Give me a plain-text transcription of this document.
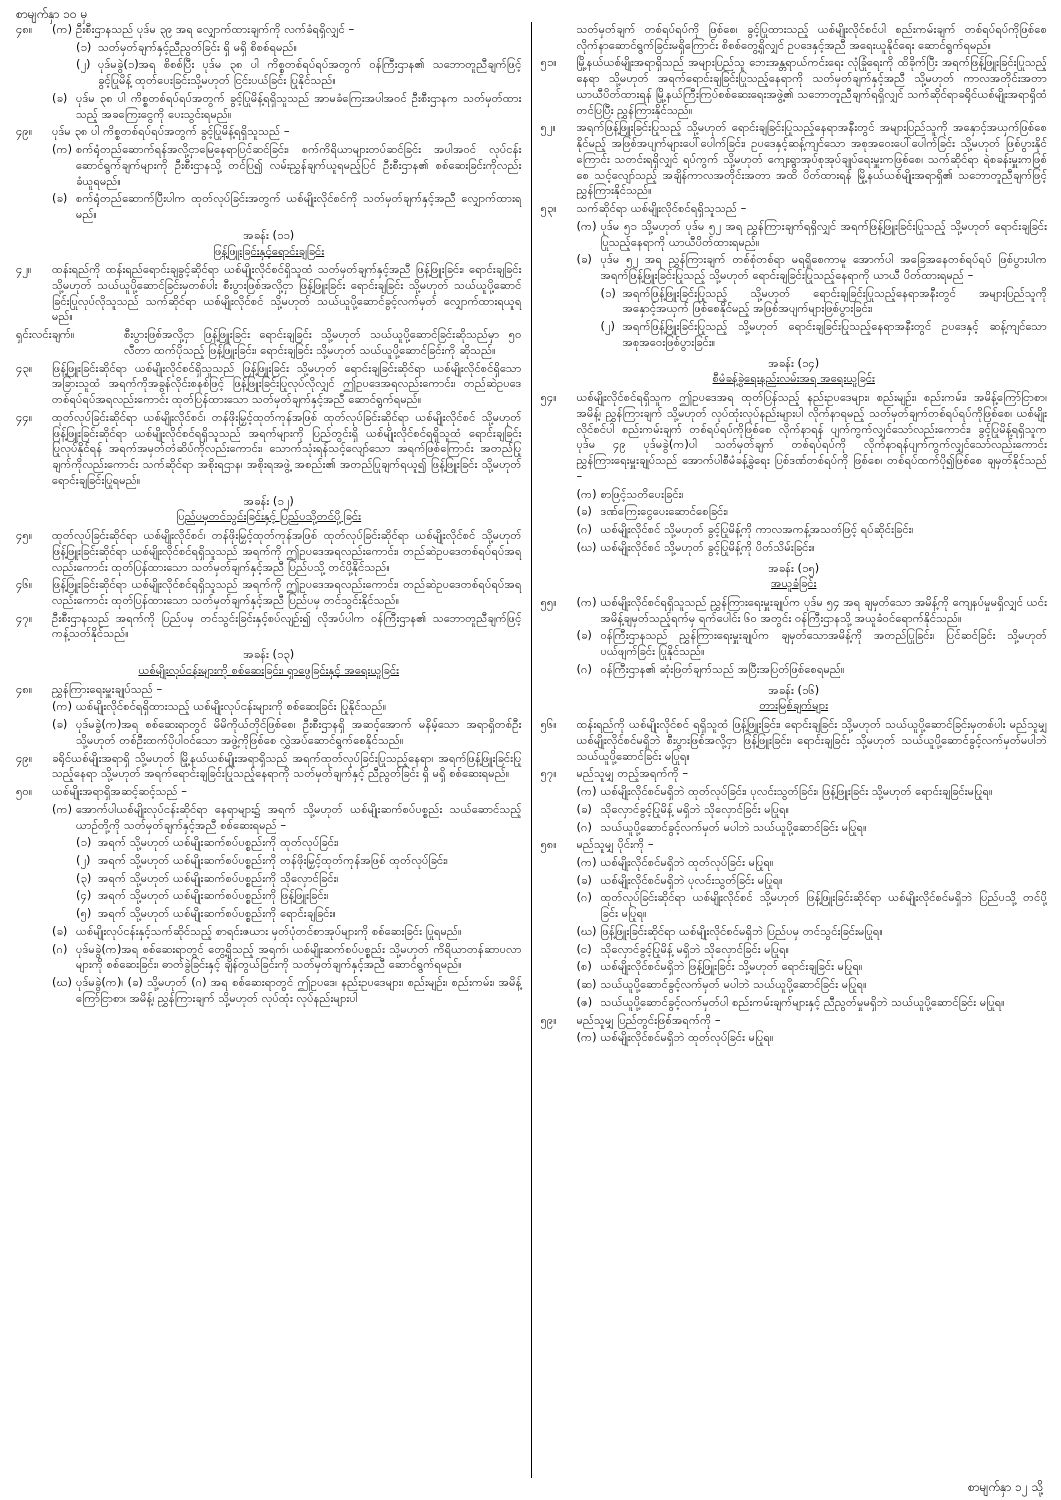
စာမျက်နှာ ၁၀ မှ
၄၈။	(က) ဦးစီးဌာနသည် ပုဒ်မ ၃၉ အရ လျှောက်ထားချက်ကို လက်ခံရရှိလျှင် –
(၁) သတ်မှတ်ချက်နှင့်ညီညွတ်ခြင်း ရှိ မရှိ စိစစ်ရမည်။
(၂) ပုဒ်မခွဲ(၁)အရ စိစစ်ပြီး ပုဒ်မ ၃၈ ပါ ကိစ္စတစ်ရပ်ရပ်အတွက် ဝန်ကြီးဌာန၏ သဘောတူညီချက်ဖြင့် ခွင့်ပြုမိန့် ထုတ်ပေးခြင်းသို့မဟုတ် ငြင်းပယ်ခြင်း ပြုနိုင်သည်။
(ခ) ပုဒ်မ ၃၈ ပါ ကိစ္စတစ်ရပ်ရပ်အတွက် ခွင့်ပြုမိန့်ရရှိသူသည် အာမခံကြေးအပါအဝင် ဦးစီးဌာနက သတ်မှတ်ထားသည့် အခကြေးငွေကို ပေးသွင်းရမည်။
၄၉။	ပုဒ်မ ၃၈ ပါ ကိစ္စတစ်ရပ်ရပ်အတွက် ခွင့်ပြုမိန့်ရရှိသူသည် –
(က) စက်ရုံတည်ဆောက်ရန်အလို့ငှာမြေနေရာပြင်ဆင်ခြင်း၊ စက်ကိရိယာများတပ်ဆင်ခြင်း အပါအဝင် လုပ်ငန်းဆောင်ရွက်ချက်များကို ဦးစီးဌာနသို့ တင်ပြ၍ လမ်းညွှန်ချက်ယူရမည့်ပြင် ဦးစီးဌာန၏ စစ်ဆေးခြင်းကိုလည်း ခံယူရမည်။
(ခ) စက်ရုံတည်ဆောက်ပြီးပါက ထုတ်လုပ်ခြင်းအတွက် ယစ်မျိုးလိုင်စင်ကို သတ်မှတ်ချက်နှင့်အညီ လျှောက်ထားရမည်။
အခန်း (၁၁)
ဖြန့်ဖြူးခြင်းနှင့်ရောင်းချခြင်း
၄၂။	ထန်းရည်ကို ထန်းရည်ရောင်းချခွင့်ဆိုင်ရာ ယစ်မျိုးလိုင်စင်ရှိသူထံ သတ်မှတ်ချက်နှင့်အညီ ဖြန့်ဖြူးခြင်း၊ ရောင်းချခြင်း သို့မဟုတ် သယ်ယူပို့ဆောင်ခြင်းမှတစ်ပါး စီးပွားဖြစ်အလို့ငှာ ဖြန့်ဖြူးခြင်း ရောင်းချခြင်း သို့မဟုတ် သယ်ယူပို့ဆောင်ခြင်းပြုလုပ်လိုသူသည် သက်ဆိုင်ရာ ယစ်မျိုးလိုင်စင် သို့မဟုတ် သယ်ယူပို့ဆောင်ခွင့်လက်မှတ် လျှောက်ထားရယူရမည်။
ရှင်းလင်းချက်။	စီးပွားဖြစ်အလို့ငှာ ဖြန့်ဖြူးခြင်း ရောင်းချခြင်း သို့မဟုတ် သယ်ယူပို့ဆောင်ခြင်းဆိုသည်မှာ ၅၀ လီတာ ထက်ပိုသည့် ဖြန့်ဖြူးခြင်း၊ ရောင်းချခြင်း သို့မဟုတ် သယ်ယူပို့ဆောင်ခြင်းကို ဆိုသည်။
၄၃။	ဖြန့်ဖြူးခြင်းဆိုင်ရာ ယစ်မျိုးလိုင်စင်ရှိသူသည် ဖြန့်ဖြူးခြင်း သို့မဟုတ် ရောင်းချခြင်းဆိုင်ရာ ယစ်မျိုးလိုင်စင်ရှိသော အခြားသူထံ အရက်ကိုအခွန်လိုင်းစနစ်ဖြင့် ဖြန့်ဖြူးခြင်းပြုလုပ်လိုလျှင် ဤဥပဒေအရလည်းကောင်း၊ တည်ဆဲဥပဒေတစ်ရပ်ရပ်အရလည်းကောင်း ထုတ်ပြန်ထားသော သတ်မှတ်ချက်နှင့်အညီ ဆောင်ရွက်ရမည်။
၄၄။	ထုတ်လုပ်ခြင်းဆိုင်ရာ ယစ်မျိုးလိုင်စင်၊ တန်ဖိုးမြှင့်ထုတ်ကုန်အဖြစ် ထုတ်လုပ်ခြင်းဆိုင်ရာ ယစ်မျိုးလိုင်စင် သို့မဟုတ် ဖြန့်ဖြူးခြင်းဆိုင်ရာ ယစ်မျိုးလိုင်စင်ရရှိသူသည် အရက်များကို ပြည်တွင်းရှိ ယစ်မျိုးလိုင်စင်ရရှိသူထံ ရောင်းချခြင်းပြုလုပ်နိုင်ရန် အရက်အမှတ်တံဆိပ်ကိုလည်းကောင်း၊ သောက်သုံးရန်သင့်လျော်သော အရက်ဖြစ်ကြောင်း အတည်ပြုချက်ကိုလည်းကောင်း သက်ဆိုင်ရာ အစိုးရဌာန၊ အစိုးရအဖွဲ့ အစည်း၏ အတည်ပြုချက်ရယူ၍ ဖြန့်ဖြူးခြင်း သို့မဟုတ် ရောင်းချခြင်းပြုရမည်။
အခန်း (၁၂)
ပြည်ပမှတင်သွင်းခြင်းနှင့် ပြည်ပသို့တင်ပို့ခြင်း
၄၅။	ထုတ်လုပ်ခြင်းဆိုင်ရာ ယစ်မျိုးလိုင်စင်၊ တန်ဖိုးမြှင့်ထုတ်ကုန်အဖြစ် ထုတ်လုပ်ခြင်းဆိုင်ရာ ယစ်မျိုးလိုင်စင် သို့မဟုတ် ဖြန့်ဖြူးခြင်းဆိုင်ရာ ယစ်မျိုးလိုင်စင်ရရှိသူသည် အရက်ကို ဤဥပဒေအရလည်းကောင်း၊ တည်ဆဲဥပဒေတစ်ရပ်ရပ်အရလည်းကောင်း ထုတ်ပြန်ထားသော သတ်မှတ်ချက်နှင့်အညီ ပြည်ပသို့ တင်ပို့နိုင်သည်။
၄၆။	ဖြန့်ဖြူးခြင်းဆိုင်ရာ ယစ်မျိုးလိုင်စင်ရရှိသူသည် အရက်ကို ဤဥပဒေအရလည်းကောင်း၊ တည်ဆဲဥပဒေတစ်ရပ်ရပ်အရလည်းကောင်း ထုတ်ပြန်ထားသော သတ်မှတ်ချက်နှင့်အညီ ပြည်ပမှ တင်သွင်းနိုင်သည်။
၄၇။	ဦးစီးဌာနသည် အရက်ကို ပြည်ပမှ တင်သွင်းခြင်းနှင့်စပ်လျဉ်း၍ လိုအပ်ပါက ဝန်ကြီးဌာန၏ သဘောတူညီချက်ဖြင့် ကန့်သတ်နိုင်သည်။
အခန်း (၁၃)
ယစ်မျိုးလုပ်ငန်းများကို စစ်ဆေးခြင်း၊ ရှာဖွေခြင်းနှင့် အရေးယူခြင်း
၄၈။	ညွှန်ကြားရေးမှူးချုပ်သည် –
(က) ယစ်မျိုးလိုင်စင်ရရှိထားသည့် ယစ်မျိုးလုပ်ငန်းများကို စစ်ဆေးခြင်း ပြုနိုင်သည်။
(ခ) ပုဒ်မခွဲ(က)အရ စစ်ဆေးရာတွင် မိမိကိုယ်တိုင်ဖြစ်စေ၊ ဦးစီးဌာနရှိ အဆင့်အောက် မနိမ့်သော အရာရှိတစ်ဦး သို့မဟုတ် တစ်ဦးထက်ပိုပါဝင်သော အဖွဲ့ကိုဖြစ်စေ လွှဲအပ်ဆောင်ရွက်စေနိုင်သည်။
၄၉။	ခရိုင်ယစ်မျိုးအရာရှိ သို့မဟုတ် မြို့နယ်ယစ်မျိုးအရာရှိသည် အရက်ထုတ်လုပ်ခြင်းပြုသည့်နေရာ၊ အရက်ဖြန့်ဖြူးခြင်းပြုသည့်နေရာ သို့မဟုတ် အရက်ရောင်းချခြင်းပြုသည့်နေရာကို သတ်မှတ်ချက်နှင့် ညီညွတ်ခြင်း ရှိ မရှိ စစ်ဆေးရမည်။
၅၀။	ယစ်မျိုးအရာရှိအဆင့်ဆင့်သည် –
(က) အောက်ပါယစ်မျိုးလုပ်ငန်းဆိုင်ရာ နေရာများ၌ အရက် သို့မဟုတ် ယစ်မျိုးဆက်စပ်ပစ္စည်း သယ်ဆောင်သည့် ယာဉ်တို့ကို သတ်မှတ်ချက်နှင့်အညီ စစ်ဆေးရမည် –
(၁) အရက် သို့မဟုတ် ယစ်မျိုးဆက်စပ်ပစ္စည်းကို ထုတ်လုပ်ခြင်း၊
(၂) အရက် သို့မဟုတ် ယစ်မျိုးဆက်စပ်ပစ္စည်းကို တန်ဖိုးမြှင့်ထုတ်ကုန်အဖြစ် ထုတ်လုပ်ခြင်း၊
(၃) အရက် သို့မဟုတ် ယစ်မျိုးဆက်စပ်ပစ္စည်းကို သိုလှောင်ခြင်း၊
(၄) အရက် သို့မဟုတ် ယစ်မျိုးဆက်စပ်ပစ္စည်းကို ဖြန့်ဖြူးခြင်း၊
(၅) အရက် သို့မဟုတ် ယစ်မျိုးဆက်စပ်ပစ္စည်းကို ရောင်းချခြင်း။
(ခ) ယစ်မျိုးလုပ်ငန်းနှင့်သက်ဆိုင်သည့် စာရင်းဇယား မှတ်ပုံတင်စာအုပ်များကို စစ်ဆေးခြင်း ပြုရမည်။
(ဂ) ပုဒ်မခွဲ(က)အရ စစ်ဆေးရာတွင် တွေ့ရှိသည့် အရက်၊ ယစ်မျိုးဆက်စပ်ပစ္စည်း သို့မဟုတ် ကိရိယာတန်ဆာပလာများကို စစ်ဆေးခြင်း၊ ဓာတ်ခွဲခြင်းနှင့် ချိန်တွယ်ခြင်းကို သတ်မှတ်ချက်နှင့်အညီ ဆောင်ရွက်ရမည်။
(ဃ) ပုဒ်မခွဲ(က)၊ (ခ) သို့မဟုတ် (ဂ) အရ စစ်ဆေးရာတွင် ဤဥပဒေ၊ နည်းဥပဒေများ၊ စည်းမျဉ်း၊ စည်းကမ်း၊ အမိန့်ကြော်ငြာစာ၊ အမိန့်၊ ညွှန်ကြားချက် သို့မဟုတ် လုပ်ထုံး လုပ်နည်းများပါ
သတ်မှတ်ချက် တစ်ရပ်ရပ်ကို ဖြစ်စေ၊ ခွင့်ပြုထားသည့် ယစ်မျိုးလိုင်စင်ပါ စည်းကမ်းချက် တစ်ရပ်ရပ်ကိုဖြစ်စေ လိုက်နာဆောင်ရွက်ခြင်းမရှိကြောင်း စိစစ်တွေ့ရှိလျှင် ဥပဒေနှင့်အညီ အရေးယူနိုင်ရေး ဆောင်ရွက်ရမည်။
၅၁။	မြို့နယ်ယစ်မျိုးအရာရှိသည် အများပြည်သူ ဘေးအန္တရာယ်ကင်းရေး လုံခြုံရေးကို ထိခိုက်ပြီး အရက်ဖြန့်ဖြူးခြင်းပြုသည့်နေရာ သို့မဟုတ် အရက်ရောင်းချခြင်းပြုသည့်နေရာကို သတ်မှတ်ချက်နှင့်အညီ သို့မဟုတ် ကာလအတိုင်းအတာ ယာယီပိတ်ထားရန် မြို့နယ်ကြီးကြပ်စစ်ဆေးရေးအဖွဲ့၏ သဘောတူညီချက်ရရှိလျှင် သက်ဆိုင်ရာခရိုင်ယစ်မျိုးအရာရှိထံ တင်ပြပြီး ညွှန်ကြားနိုင်သည်။
၅၂။	အရက်ဖြန့်ဖြူးခြင်းပြုသည့် သို့မဟုတ် ရောင်းချခြင်းပြုသည့်နေရာအနီးတွင် အများပြည်သူကို အနှောင့်အယှက်ဖြစ်စေနိုင်မည့် အဖြစ်အပျက်များပေါ်ပေါက်ခြင်း၊ ဥပဒေနှင့်ဆန့်ကျင်သော အစုအဝေးပေါ်ပေါက်ခြင်း သို့မဟုတ် ဖြစ်ပွားနိုင်ကြောင်း သတင်းရရှိလျှင် ရပ်ကွက် သို့မဟုတ် ကျေးရွာအုပ်စုအုပ်ချုပ်ရေးမှူးကဖြစ်စေ၊ သက်ဆိုင်ရာ ရဲစခန်းမှူးကဖြစ်စေ သင့်လျော်သည့် အချိန်ကာလအတိုင်းအတာ အထိ ပိတ်ထားရန် မြို့နယ်ယစ်မျိုးအရာရှိ၏ သဘောတူညီချက်ဖြင့် ညွှန်ကြားနိုင်သည်။
၅၃။	သက်ဆိုင်ရာ ယစ်မျိုးလိုင်စင်ရရှိသူသည် –
(က) ပုဒ်မ ၅၁ သို့မဟုတ် ပုဒ်မ ၅၂ အရ ညွှန်ကြားချက်ရရှိလျှင် အရက်ဖြန့်ဖြူးခြင်းပြုသည့် သို့မဟုတ် ရောင်းချခြင်းပြုသည့်နေရာကို ယာယီပိတ်ထားရမည်။
(ခ) ပုဒ်မ ၅၂ အရ ညွှန်ကြားချက် တစ်စုံတစ်ရာ မရရှိစေကာမူ အောက်ပါ အခြေအနေတစ်ရပ်ရပ် ဖြစ်ပွားပါက အရက်ဖြန့်ဖြူးခြင်းပြုသည့် သို့မဟုတ် ရောင်းချခြင်းပြုသည့်နေရာကို ယာယီ ပိတ်ထားရမည် –
(၁) အရက်ဖြန့်ဖြူးခြင်းပြုသည့် သို့မဟုတ် ရောင်းချခြင်းပြုသည့်နေရာအနီးတွင် အများပြည်သူကို အနှောင့်အယှက် ဖြစ်စေနိုင်မည့် အဖြစ်အပျက်များဖြစ်ပွားခြင်း၊
(၂) အရက်ဖြန့်ဖြူးခြင်းပြုသည့် သို့မဟုတ် ရောင်းချခြင်းပြုသည့်နေရာအနီးတွင် ဥပဒေနှင့် ဆန့်ကျင်သော အစုအဝေးဖြစ်ပွားခြင်း။
အခန်း (၁၄)
စီမံခန့်ခွဲရေးနည်းလမ်းအရ အရေးယူခြင်း
၅၄။	ယစ်မျိုးလိုင်စင်ရရှိသူက ဤဥပဒေအရ ထုတ်ပြန်သည့် နည်းဥပဒေများ၊ စည်းမျဉ်း၊ စည်းကမ်း၊ အမိန့်ကြော်ငြာစာ၊ အမိန့်၊ ညွှန်ကြားချက် သို့မဟုတ် လုပ်ထုံးလုပ်နည်းများပါ လိုက်နာရမည့် သတ်မှတ်ချက်တစ်ရပ်ရပ်ကိုဖြစ်စေ၊ ယစ်မျိုးလိုင်စင်ပါ စည်းကမ်းချက် တစ်ရပ်ရပ်ကိုဖြစ်စေ လိုက်နာရန် ပျက်ကွက်လျှင်သော်လည်းကောင်း၊ ခွင့်ပြုမိန့်ရရှိသူက ပုဒ်မ ၄၉ ပုဒ်မခွဲ(က)ပါ သတ်မှတ်ချက် တစ်ရပ်ရပ်ကို လိုက်နာရန်ပျက်ကွက်လျှင်သော်လည်းကောင်း ညွှန်ကြားရေးမှူးချုပ်သည် အောက်ပါစီမံခန့်ခွဲရေး ပြစ်ဒဏ်တစ်ရပ်ကို ဖြစ်စေ၊ တစ်ရပ်ထက်ပို၍ဖြစ်စေ ချမှတ်နိုင်သည် –
(က) စာဖြင့်သတိပေးခြင်း၊
(ခ) ဒဏ်ကြေးငွေပေးဆောင်စေခြင်း၊
(ဂ) ယစ်မျိုးလိုင်စင် သို့မဟုတ် ခွင့်ပြုမိန့်ကို ကာလအကန့်အသတ်ဖြင့် ရပ်ဆိုင်းခြင်း၊
(ဃ) ယစ်မျိုးလိုင်စင် သို့မဟုတ် ခွင့်ပြုမိန့်ကို ပိတ်သိမ်းခြင်း။
အခန်း (၁၅)
အယူခံခြင်း
၅၅။	(က) ယစ်မျိုးလိုင်စင်ရရှိသူသည် ညွှန်ကြားရေးမှူးချုပ်က ပုဒ်မ ၅၄ အရ ချမှတ်သော အမိန့်ကို ကျေနပ်မှုမရှိလျှင် ယင်းအမိန့်ချမှတ်သည့်ရက်မှ ရက်ပေါင်း ၆၀ အတွင်း ဝန်ကြီးဌာနသို့ အယူခံဝင်ရောက်နိုင်သည်။
(ခ) ဝန်ကြီးဌာနသည် ညွှန်ကြားရေးမှူးချုပ်က ချမှတ်သောအမိန့်ကို အတည်ပြုခြင်း၊ ပြင်ဆင်ခြင်း သို့မဟုတ် ပယ်ဖျက်ခြင်း ပြုနိုင်သည်။
(ဂ) ဝန်ကြီးဌာန၏ ဆုံးဖြတ်ချက်သည် အပြီးအပြတ်ဖြစ်စေရမည်။
အခန်း (၁၆)
တားမြစ်ချက်များ
၅၆။	ထန်းရည်ကို ယစ်မျိုးလိုင်စင် ရရှိသူထံ ဖြန့်ဖြူးခြင်း၊ ရောင်းချခြင်း သို့မဟုတ် သယ်ယူပို့ဆောင်ခြင်းမှတစ်ပါး မည်သူမျှ ယစ်မျိုးလိုင်စင်မရှိဘဲ စီးပွားဖြစ်အလို့ငှာ ဖြန့်ဖြူးခြင်း၊ ရောင်းချခြင်း သို့မဟုတ် သယ်ယူပို့ဆောင်ခွင့်လက်မှတ်မပါဘဲ သယ်ယူပို့ဆောင်ခြင်း မပြုရ။
၅၇။	မည်သူမျှ တည့်အရက်ကို –
(က) ယစ်မျိုးလိုင်စင်မရှိဘဲ ထုတ်လုပ်ခြင်း၊ ပုလင်းသွတ်ခြင်း၊ ဖြန့်ဖြူးခြင်း သို့မဟုတ် ရောင်းချခြင်းမပြုရ။
(ခ) သိုလှောင်ခွင့်ပြုမိန့် မရှိဘဲ သိုလှောင်ခြင်း မပြုရ။
(ဂ) သယ်ယူပို့ဆောင်ခွင့်လက်မှတ် မပါဘဲ သယ်ယူပို့ဆောင်ခြင်း မပြုရ။
၅၈။	မည်သူမျှ ပိုင်းကို –
(က) ယစ်မျိုးလိုင်စင်မရှိဘဲ ထုတ်လုပ်ခြင်း မပြုရ။
(ခ) ယစ်မျိုးလိုင်စင်မရှိဘဲ ပုလင်းသွတ်ခြင်း မပြုရ။
(ဂ) ထုတ်လုပ်ခြင်းဆိုင်ရာ ယစ်မျိုးလိုင်စင် သို့မဟုတ် ဖြန့်ဖြူးခြင်းဆိုင်ရာ ယစ်မျိုးလိုင်စင်မရှိဘဲ ပြည်ပသို့ တင်ပို့ခြင်း မပြုရ။
(ဃ) ဖြန့်ဖြူးခြင်းဆိုင်ရာ ယစ်မျိုးလိုင်စင်မရှိဘဲ ပြည်ပမှ တင်သွင်းခြင်းမပြုရ။
(င) သိုလှောင်ခွင့်ပြုမိန့် မရှိဘဲ သိုလှောင်ခြင်း မပြုရ။
(စ) ယစ်မျိုးလိုင်စင်မရှိဘဲ ဖြန့်ဖြူးခြင်း သို့မဟုတ် ရောင်းချခြင်း မပြုရ။
(ဆ) သယ်ယူပို့ဆောင်ခွင့်လက်မှတ် မပါဘဲ သယ်ယူပို့ဆောင်ခြင်း မပြုရ။
(ဇ) သယ်ယူပို့ဆောင်ခွင့်လက်မှတ်ပါ စည်းကမ်းချက်များနှင့် ညီညွတ်မှုမရှိဘဲ သယ်ယူပို့ဆောင်ခြင်း မပြုရ။
၅၉။	မည်သူမျှ ပြည်တွင်းဖြစ်အရက်ကို –
(က) ယစ်မျိုးလိုင်စင်မရှိဘဲ ထုတ်လုပ်ခြင်း မပြုရ။
စာမျက်နှာ ၁၂ သို့
